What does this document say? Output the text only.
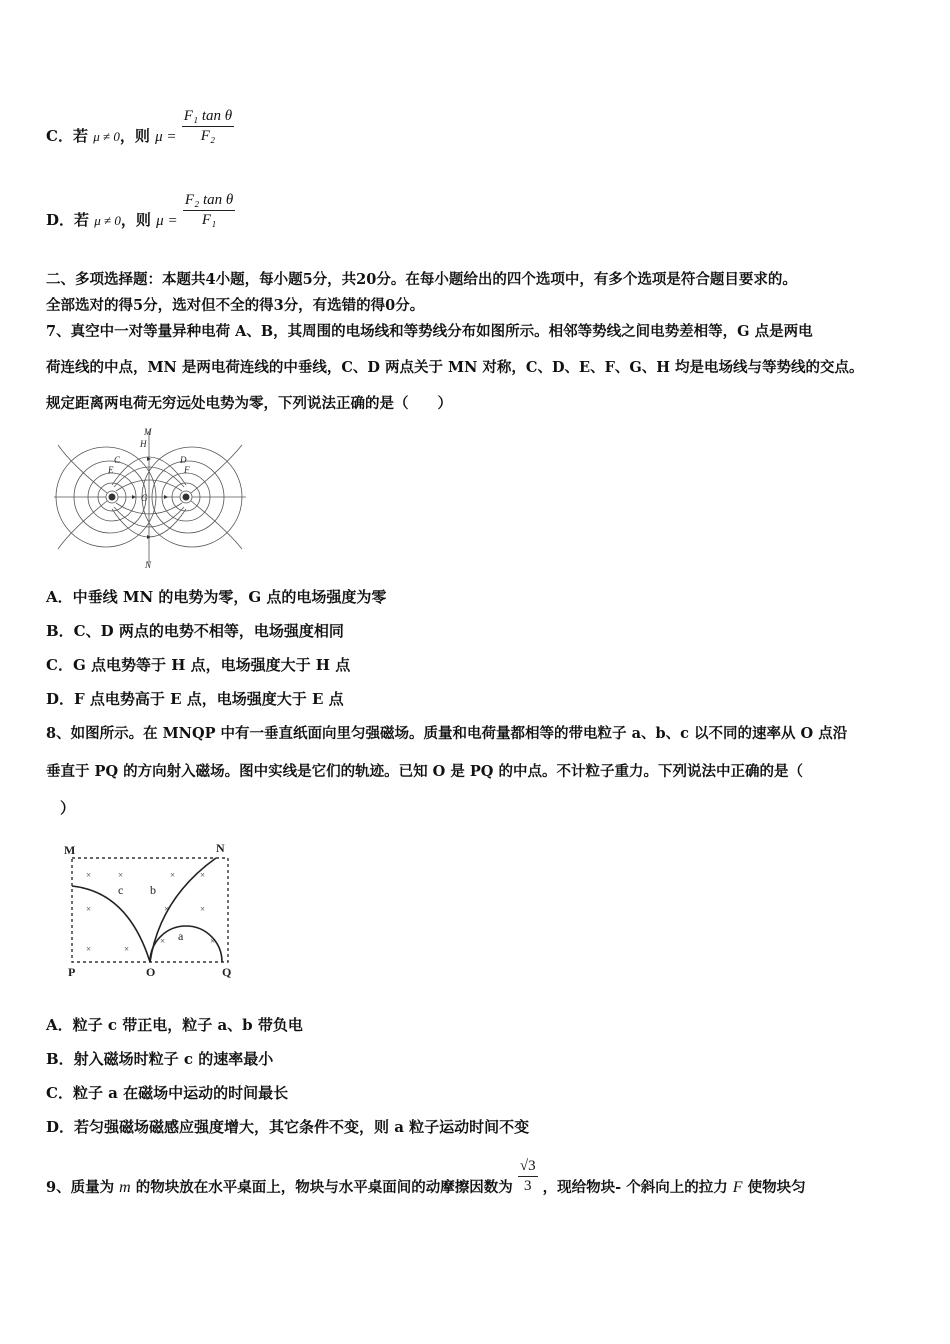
C．若 μ ≠ 0，则 $\mu = \frac{\text{F₁ tan θ}}{\text{F₂}}$
D．若 μ ≠ 0，则 $\mu = \frac{\text{F₂ tan θ}}{\text{F₁}}$
二、多项选择题：本题共4小题，每小题5分，共20分。在每小题给出的四个选项中，有多个选项是符合题目要求的。
全部选对的得5分，选对但不全的得3分，有选错的得0分。
7、真空中一对等量异种电荷 A、B，其周围的电场线和等势线分布如图所示。相邻等势线之间电势差相等，G 点是两电
荷连线的中点，MN 是两电荷连线的中垂线，C、D 两点关于 MN 对称，C、D、E、F、G、H 均是电场线与等势线的交点。
规定距离两电荷无穷远处电势为零，下列说法正确的是（　　）
M
H
C
E
D
F
G
N
A．中垂线 MN 的电势为零，G 点的电场强度为零
B．C、D 两点的电势不相等，电场强度相同
C．G 点电势等于 H 点，电场强度大于 H 点
D．F 点电势高于 E 点，电场强度大于 E 点
8、如图所示。在 MNQP 中有一垂直纸面向里匀强磁场。质量和电荷量都相等的带电粒子 a、b、c 以不同的速率从 O 点沿
垂直于 PQ 的方向射入磁场。图中实线是它们的轨迹。已知 O 是 PQ 的中点。不计粒子重力。下列说法中正确的是（
）
×	×	×	×
×	×	×
×	×
×	×
M	N
P	O	Q
a
b
c
A．粒子 c 带正电，粒子 a、b 带负电
B．射入磁场时粒子 c 的速率最小
C．粒子 a 在磁场中运动的时间最长
D．若匀强磁场磁感应强度增大，其它条件不变，则 a 粒子运动时间不变
9、质量为 m 的物块放在水平桌面上，物块与水平桌面间的动摩擦因数为 $\frac{√3}{3}$ ，现给物块- 个斜向上的拉力 F 使物块匀
